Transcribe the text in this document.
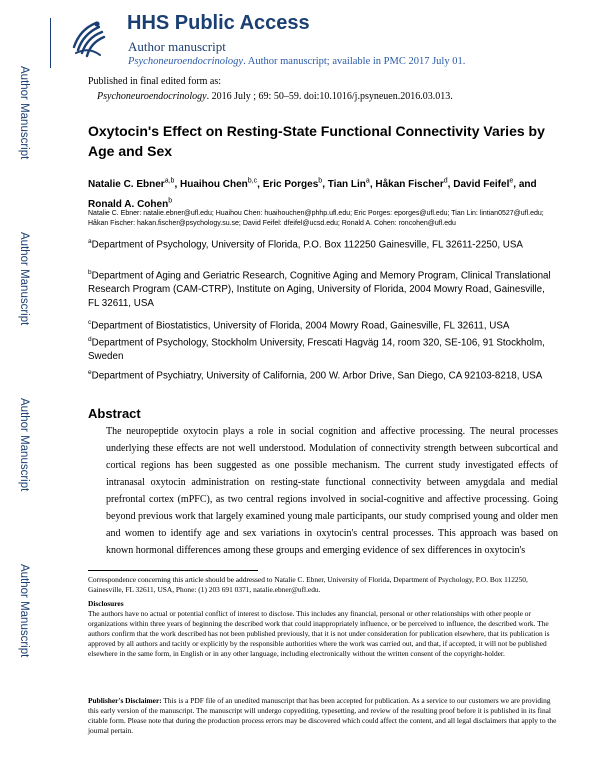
Author Manuscript
Author Manuscript
Author Manuscript
Author Manuscript
HHS Public Access
Author manuscript
Psychoneuroendocrinology. Author manuscript; available in PMC 2017 July 01.
Published in final edited form as:
Psychoneuroendocrinology. 2016 July ; 69: 50–59. doi:10.1016/j.psyneuen.2016.03.013.
Oxytocin's Effect on Resting-State Functional Connectivity Varies by Age and Sex
Natalie C. Ebner$^{a,b}$, Huaihou Chen$^{b,c}$, Eric Porges$^b$, Tian Lin$^a$, Håkan Fischer$^d$, David Feifel$^e$, and Ronald A. Cohen$^b$
Natalie C. Ebner: natalie.ebner@ufl.edu; Huaihou Chen: huaihouchen@phhp.ufl.edu; Eric Porges: eporges@ufl.edu; Tian Lin: lintian0527@ufl.edu; Håkan Fischer: hakan.fischer@psychology.su.se; David Feifel: dfeifel@ucsd.edu; Ronald A. Cohen: roncohen@ufl.edu
$^a$Department of Psychology, University of Florida, P.O. Box 112250 Gainesville, FL 32611-2250, USA
$^b$Department of Aging and Geriatric Research, Cognitive Aging and Memory Program, Clinical Translational Research Program (CAM-CTRP), Institute on Aging, University of Florida, 2004 Mowry Road, Gainesville, FL 32611, USA
$^c$Department of Biostatistics, University of Florida, 2004 Mowry Road, Gainesville, FL 32611, USA
$^d$Department of Psychology, Stockholm University, Frescati Hagväg 14, room 320, SE-106, 91 Stockholm, Sweden
$^e$Department of Psychiatry, University of California, 200 W. Arbor Drive, San Diego, CA 92103-8218, USA
Abstract
The neuropeptide oxytocin plays a role in social cognition and affective processing. The neural processes underlying these effects are not well understood. Modulation of connectivity strength between subcortical and cortical regions has been suggested as one possible mechanism. The current study investigated effects of intranasal oxytocin administration on resting-state functional connectivity between amygdala and medial prefrontal cortex (mPFC), as two central regions involved in social-cognitive and affective processing. Going beyond previous work that largely examined young male participants, our study comprised young and older men and women to identify age and sex variations in oxytocin's central processes. This approach was based on known hormonal differences among these groups and emerging evidence of sex differences in oxytocin's
Correspondence concerning this article should be addressed to Natalie C. Ebner, University of Florida, Department of Psychology, P.O. Box 112250, Gainesville, FL 32611, USA, Phone: (1) 203 691 0371, natalie.ebner@ufl.edu.
Disclosures
The authors have no actual or potential conflict of interest to disclose. This includes any financial, personal or other relationships with other people or organizations within three years of beginning the described work that could inappropriately influence, or be perceived to influence, the described work. The authors confirm that the work described has not been published previously, that it is not under consideration for publication elsewhere, that its publication is approved by all authors and tacitly or explicitly by the responsible authorities where the work was carried out, and that, if accepted, it will not be published elsewhere in the same form, in English or in any other language, including electronically without the written consent of the copyright-holder.
Publisher's Disclaimer: This is a PDF file of an unedited manuscript that has been accepted for publication. As a service to our customers we are providing this early version of the manuscript. The manuscript will undergo copyediting, typesetting, and review of the resulting proof before it is published in its final citable form. Please note that during the production process errors may be discovered which could affect the content, and all legal disclaimers that apply to the journal pertain.
